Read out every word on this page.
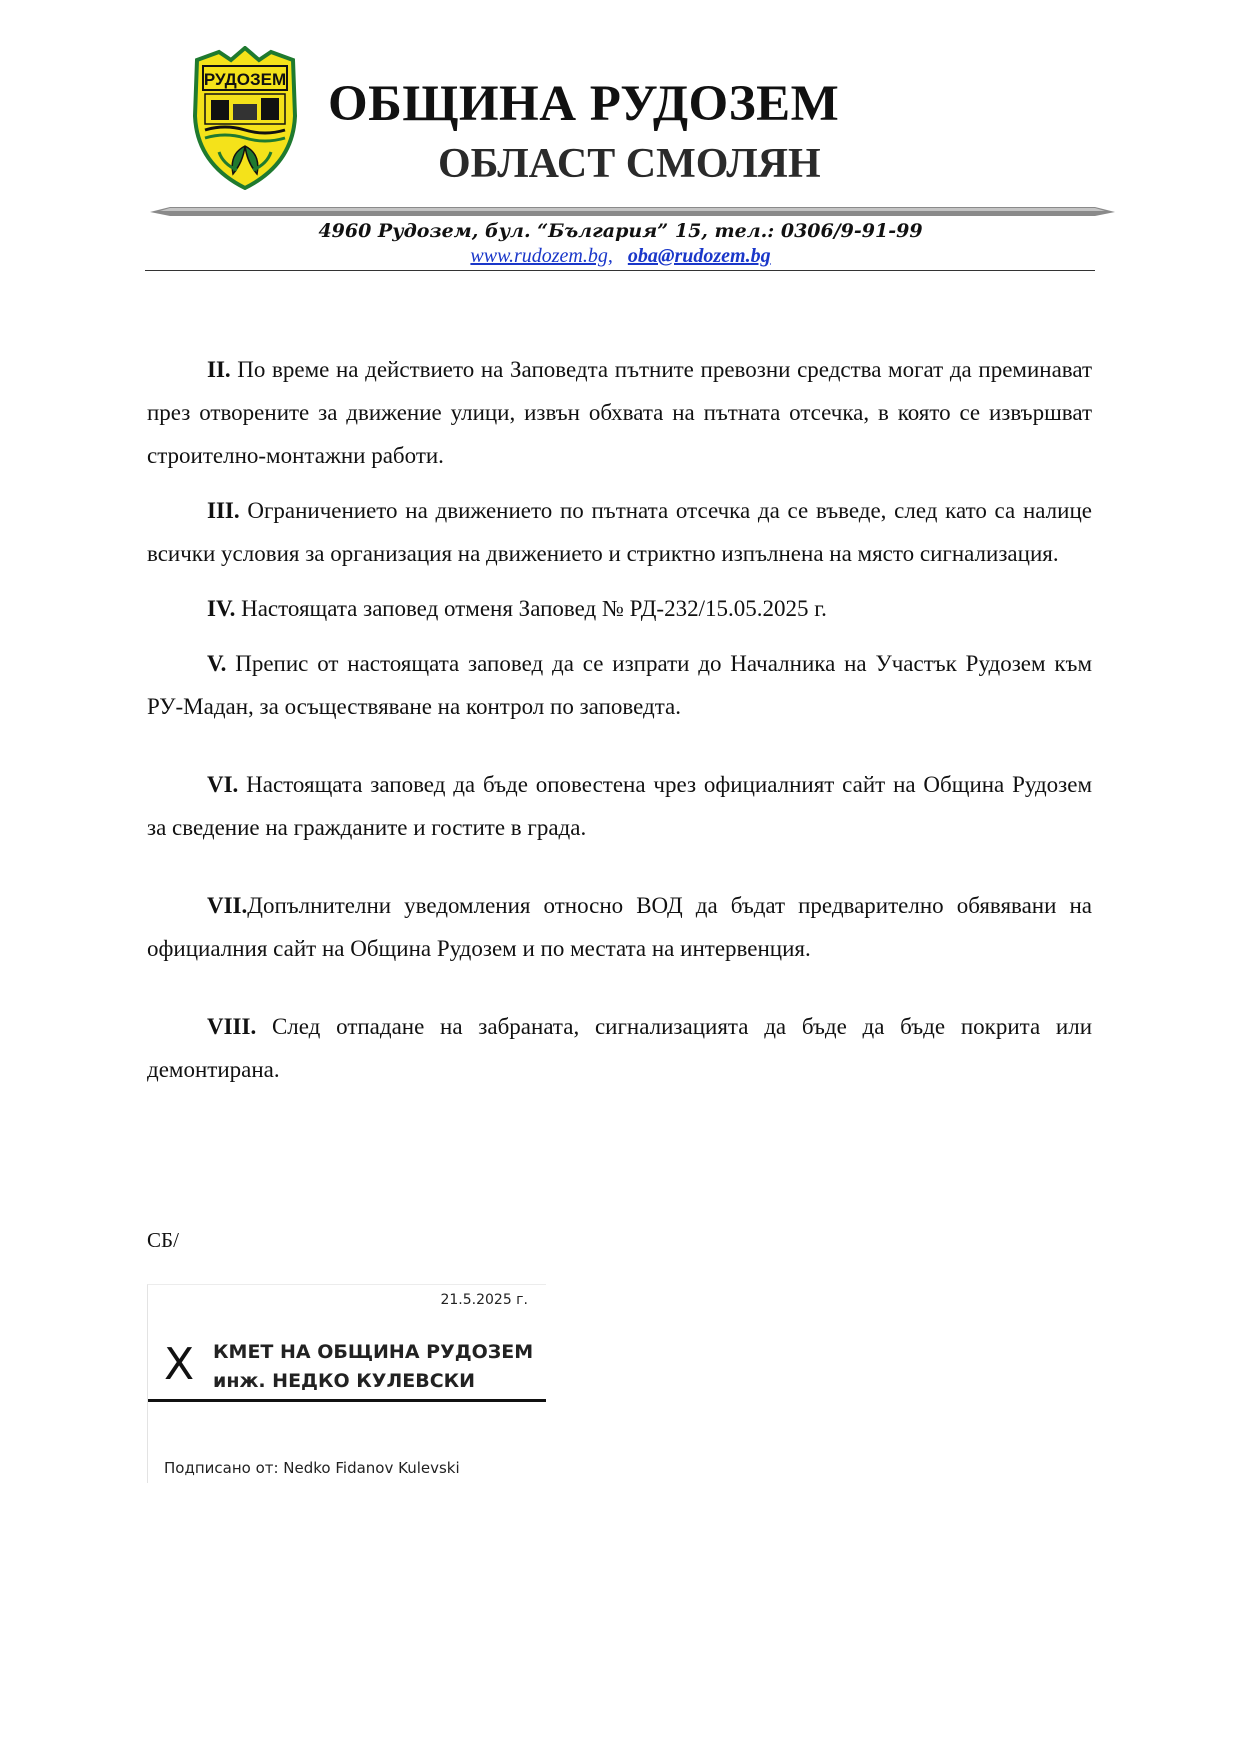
РУДОЗЕМ ОБЩИНА РУДОЗЕМ
ОБЛАСТ СМОЛЯН
4960 Рудозем, бул. “България” 15, тел.: 0306/9-91-99
www.rudozem.bg, oba@rudozem.bg

II. По време на действието на Заповедта пътните превозни средства могат да преминават през отворените за движение улици, извън обхвата на пътната отсечка, в която се извършват строително-монтажни работи.

III. Ограничението на движението по пътната отсечка да се въведе, след като са налице всички условия за организация на движението и стриктно изпълнена на място сигнализация.

IV. Настоящата заповед отменя Заповед № РД-232/15.05.2025 г.

V. Препис от настоящата заповед да се изпрати до Началника на Участък Рудозем към РУ-Мадан, за осъществяване на контрол по заповедта.

VI. Настоящата заповед да бъде оповестена чрез официалният сайт на Община Рудозем за сведение на гражданите и гостите в града.

VII.Допълнителни уведомления относно ВОД да бъдат предварително обявявани на официалния сайт на Община Рудозем и по местата на интервенция.

VIII. След отпадане на забраната, сигнализацията да бъде да бъде покрита или демонтирана.

СБ/
21.5.2025 г.
X КМЕТ НА ОБЩИНА РУДОЗЕМ
инж. НЕДКО КУЛЕВСКИ
Подписано от: Nedko Fidanov Kulevski
